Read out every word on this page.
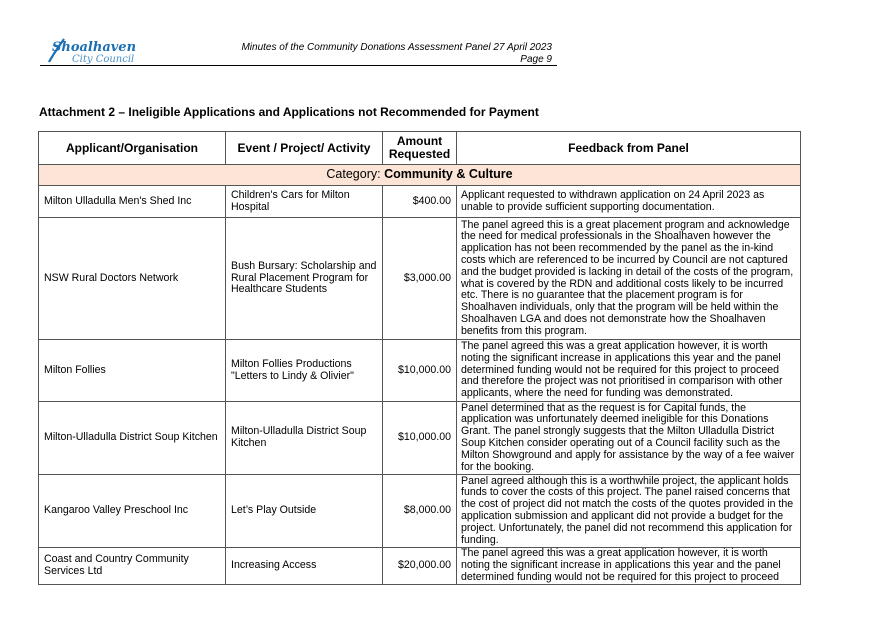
Shoalhaven
City Council
Minutes of the Community Donations Assessment Panel 27 April 2023
Page 9
Attachment 2 – Ineligible Applications and Applications not Recommended for Payment
Applicant/Organisation	Event / Project/ Activity	Amount Requested	Feedback from Panel
Category: Community & Culture			
Milton Ulladulla Men's Shed Inc	Children's Cars for Milton Hospital	$400.00	Applicant requested to withdrawn application on 24 April 2023 as unable to provide sufficient supporting documentation.
NSW Rural Doctors Network	Bush Bursary: Scholarship and Rural Placement Program for Healthcare Students	$3,000.00	The panel agreed this is a great placement program and acknowledge the need for medical professionals in the Shoalhaven however the application has not been recommended by the panel as the in-kind costs which are referenced to be incurred by Council are not captured and the budget provided is lacking in detail of the costs of the program, what is covered by the RDN and additional costs likely to be incurred etc. There is no guarantee that the placement program is for Shoalhaven individuals, only that the program will be held within the Shoalhaven LGA and does not demonstrate how the Shoalhaven benefits from this program.
Milton Follies	Milton Follies Productions "Letters to Lindy & Olivier"	$10,000.00	The panel agreed this was a great application however, it is worth noting the significant increase in applications this year and the panel determined funding would not be required for this project to proceed and therefore the project was not prioritised in comparison with other applicants, where the need for funding was demonstrated.
Milton-Ulladulla District Soup Kitchen	Milton-Ulladulla District Soup Kitchen	$10,000.00	Panel determined that as the request is for Capital funds, the application was unfortunately deemed ineligible for this Donations Grant. The panel strongly suggests that the Milton Ulladulla District Soup Kitchen consider operating out of a Council facility such as the Milton Showground and apply for assistance by the way of a fee waiver for the booking.
Kangaroo Valley Preschool Inc	Let’s Play Outside	$8,000.00	Panel agreed although this is a worthwhile project, the applicant holds funds to cover the costs of this project. The panel raised concerns that the cost of project did not match the costs of the quotes provided in the application submission and applicant did not provide a budget for the project. Unfortunately, the panel did not recommend this application for funding.
Coast and Country Community Services Ltd	Increasing Access	$20,000.00	The panel agreed this was a great application however, it is worth noting the significant increase in applications this year and the panel determined funding would not be required for this project to proceed
